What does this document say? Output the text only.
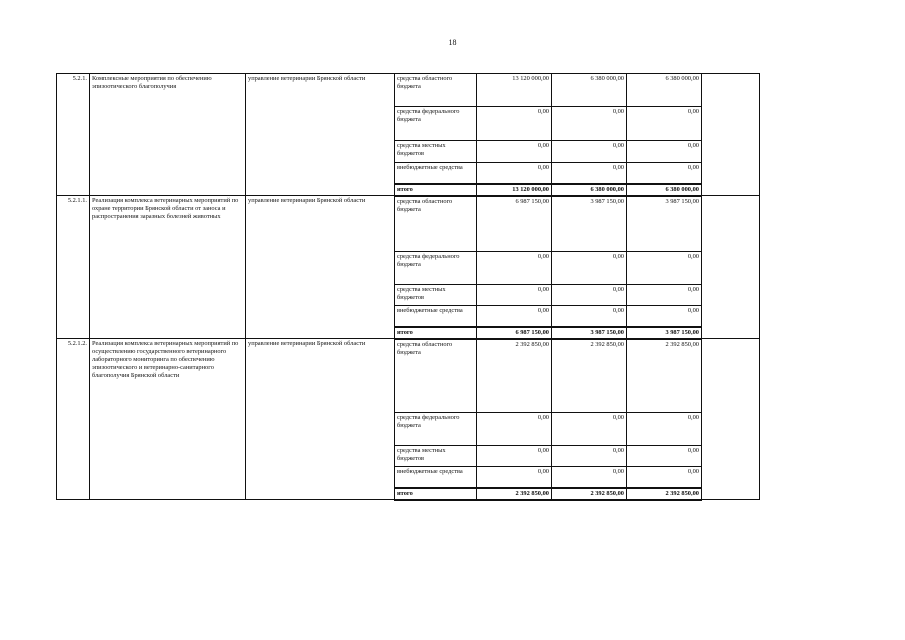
18
5.2.1.	Комплексные мероприятия по обеспечению эпизоотического благополучия	управление ветеринарии Брянской области	средства областного бюджета	13 120 000,00	6 380 000,00	6 380 000,00	
			средства федерального бюджета	0,00	0,00	0,00	
			средства местных бюджетов	0,00	0,00	0,00	
			внебюджетные средства	0,00	0,00	0,00	
			итого	13 120 000,00	6 380 000,00	6 380 000,00	
5.2.1.1.	Реализация комплекса ветеринарных мероприятий по охране территории Брянской области от заноса и распространения заразных болезней животных	управление ветеринарии Брянской области	средства областного бюджета	6 987 150,00	3 987 150,00	3 987 150,00	
			средства федерального бюджета	0,00	0,00	0,00	
			средства местных бюджетов	0,00	0,00	0,00	
			внебюджетные средства	0,00	0,00	0,00	
			итого	6 987 150,00	3 987 150,00	3 987 150,00	
5.2.1.2.	Реализация комплекса ветеринарных мероприятий по осуществлению государственного ветеринарного лабораторного мониторинга по обеспечению эпизоотического и ветеринарно-санитарного благополучия Брянской области	управление ветеринарии Брянской области	средства областного бюджета	2 392 850,00	2 392 850,00	2 392 850,00	
			средства федерального бюджета	0,00	0,00	0,00	
			средства местных бюджетов	0,00	0,00	0,00	
			внебюджетные средства	0,00	0,00	0,00	
			итого	2 392 850,00	2 392 850,00	2 392 850,00	
